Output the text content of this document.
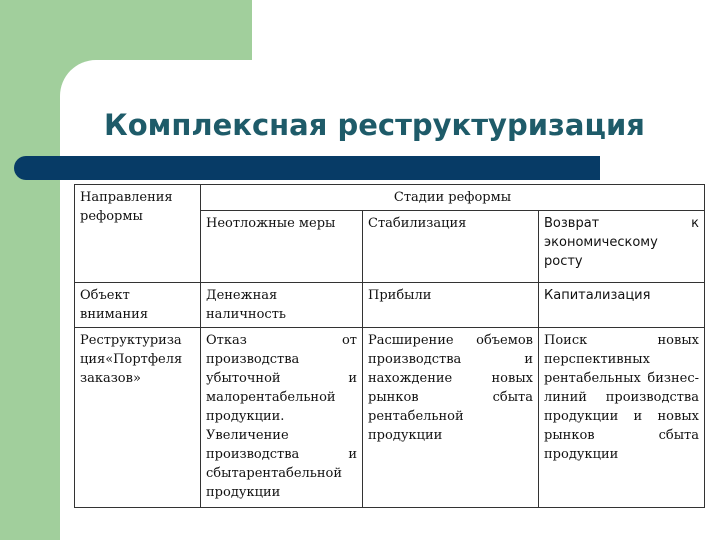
Комплексная реструктуризация
Направления реформы	Стадии реформы		

	Неотложные меры	Стабилизация	Возврат к экономическому росту

Объект внимания	Денежная наличность	Прибыли	Капитализация

Реструктуриза ция«Портфеля заказов»	Отказ от производства убыточной и малорентабельной продукции. Увеличение производства и сбытарентабельной продукции	Расширение объемов производства и нахождение новых рынков сбыта рентабельной продукции	Поиск новых перспективных рентабельных бизнес-линий производства продукции и новых рынков сбыта продукции
